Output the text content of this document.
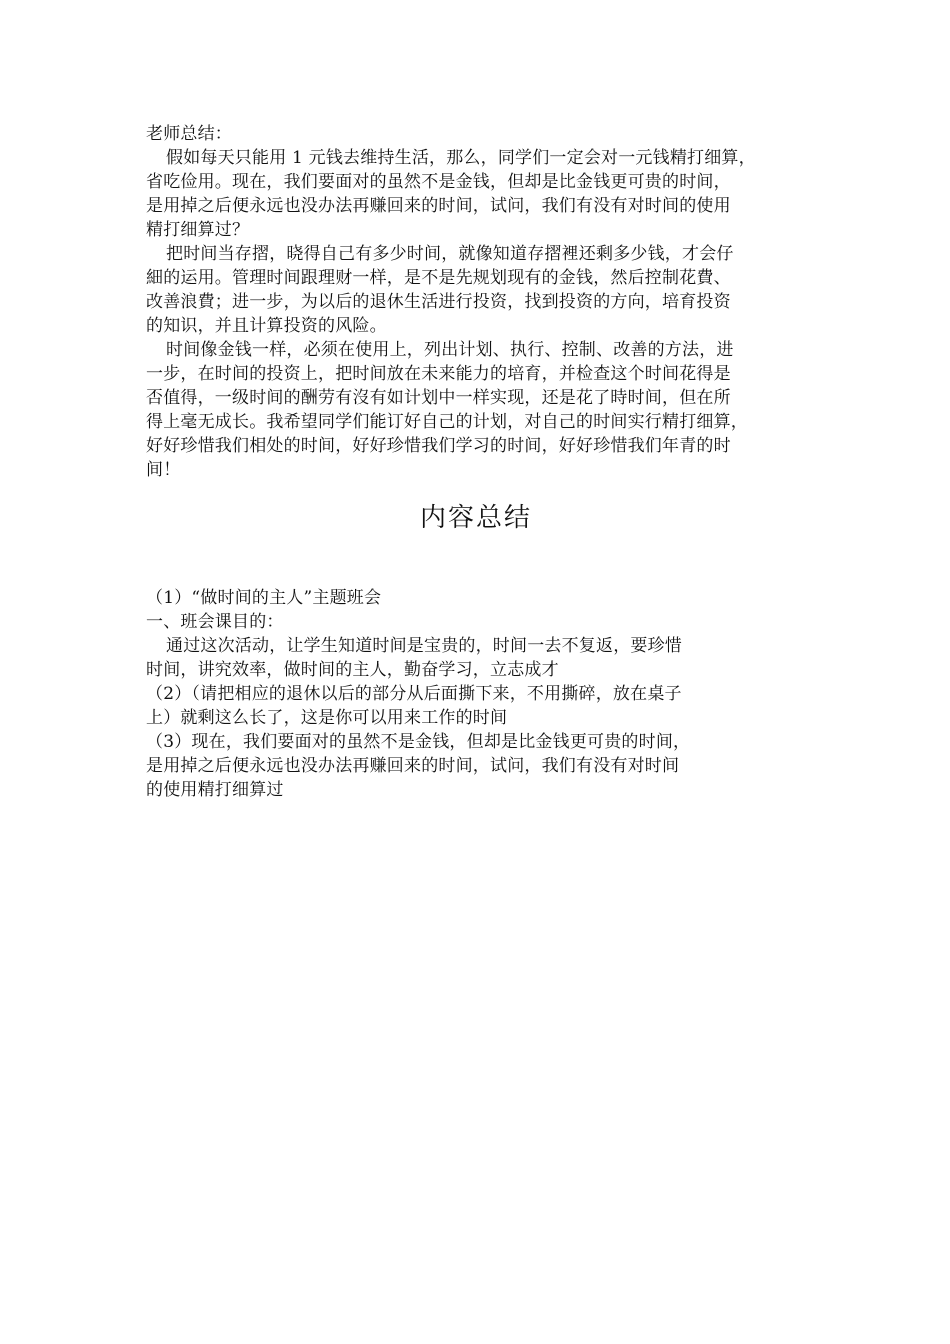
老师总结：
假如每天只能用 1 元钱去维持生活，那么，同学们一定会对一元钱精打细算，
省吃俭用。现在，我们要面对的虽然不是金钱，但却是比金钱更可贵的时间，
是用掉之后便永远也没办法再赚回来的时间，试问，我们有没有对时间的使用
精打细算过？
把时间当存摺，晓得自己有多少时间，就像知道存摺裡还剩多少钱，才会仔
細的运用。管理时间跟理财一样，是不是先规划现有的金钱，然后控制花費、
改善浪費；进一步，为以后的退休生活进行投资，找到投资的方向，培育投资
的知识，并且计算投资的风险。
时间像金钱一样，必须在使用上，列出计划、执行、控制、改善的方法，进
一步，在时间的投资上，把时间放在未来能力的培育，并检查这个时间花得是
否值得，一级时间的酬劳有沒有如计划中一样实现，还是花了時时间，但在所
得上毫无成长。我希望同学们能订好自己的计划，对自己的时间实行精打细算，
好好珍惜我们相处的时间，好好珍惜我们学习的时间，好好珍惜我们年青的时
间！
内容总结
（1）“做时间的主人”主题班会
一、班会课目的：
通过这次活动，让学生知道时间是宝贵的，时间一去不复返，要珍惜
时间，讲究效率，做时间的主人，勤奋学习，立志成才
（2）（请把相应的退休以后的部分从后面撕下来，不用撕碎，放在桌子
上）就剩这么长了，这是你可以用来工作的时间
（3）现在，我们要面对的虽然不是金钱，但却是比金钱更可贵的时间，
是用掉之后便永远也没办法再赚回来的时间，试问，我们有没有对时间
的使用精打细算过
